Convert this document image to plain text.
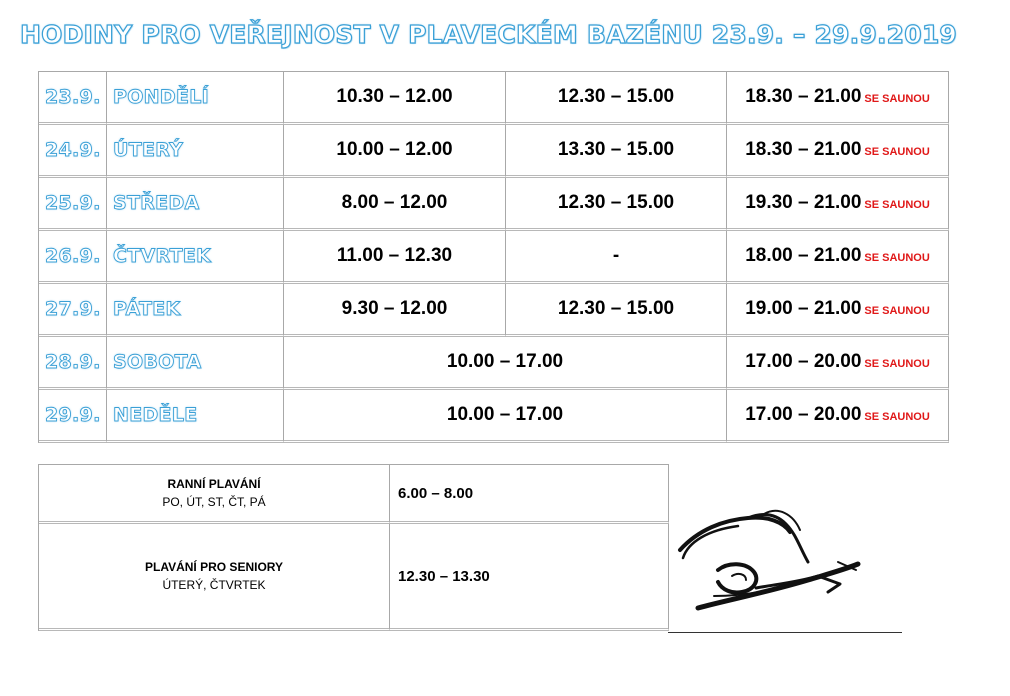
HODINY PRO VEŘEJNOST V PLAVECKÉM BAZÉNU 23.9. – 29.9.2019
23.9.	PONDĚLÍ	10.30 – 12.00	12.30 – 15.00	18.30 – 21.00 SE SAUNOU
24.9.	ÚTERÝ	10.00 – 12.00	13.30 – 15.00	18.30 – 21.00 SE SAUNOU
25.9.	STŘEDA	8.00 – 12.00	12.30 – 15.00	19.30 – 21.00 SE SAUNOU
26.9.	ČTVRTEK	11.00 – 12.30	-	18.00 – 21.00 SE SAUNOU
27.9.	PÁTEK	9.30 – 12.00	12.30 – 15.00	19.00 – 21.00 SE SAUNOU
28.9.	SOBOTA	10.00 – 17.00		17.00 – 20.00 SE SAUNOU
29.9.	NEDĚLE	10.00 – 17.00		17.00 – 20.00 SE SAUNOU
RANNÍ PLAVÁNÍ
PO, ÚT, ST, ČT, PÁ	6.00 – 8.00

PLAVÁNÍ PRO SENIORY
ÚTERÝ, ČTVRTEK	12.30 – 13.30
